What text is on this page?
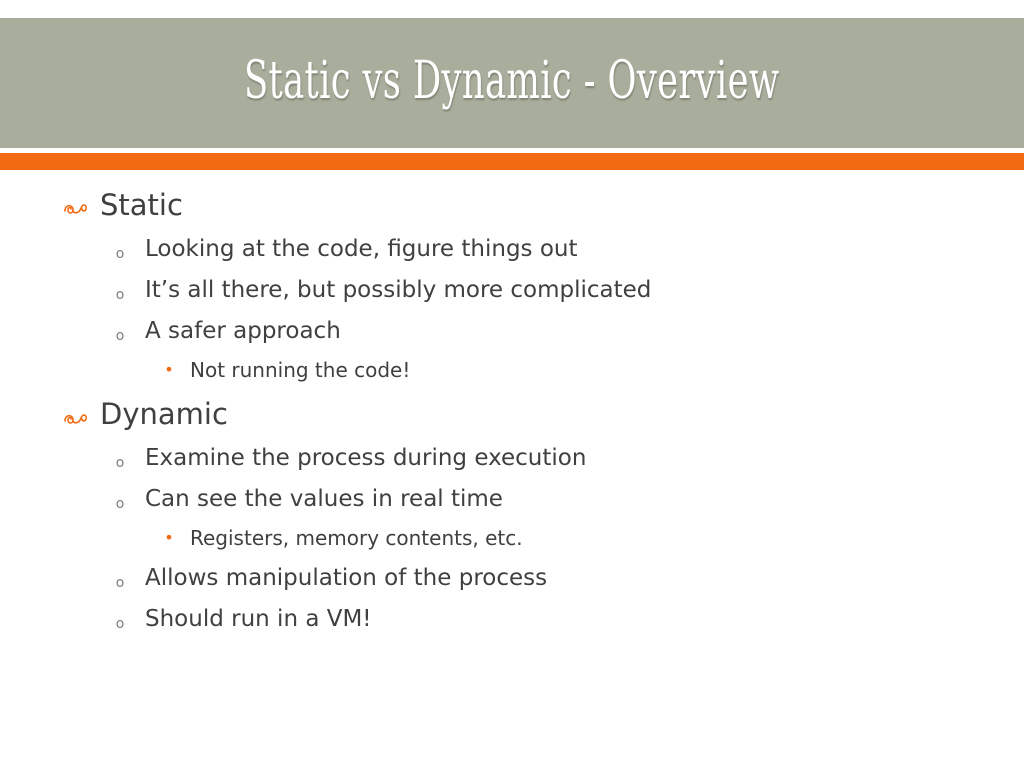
Static vs Dynamic - Overview
Static
o Looking at the code, figure things out
o It’s all there, but possibly more complicated
o A safer approach
• Not running the code!
Dynamic
o Examine the process during execution
o Can see the values in real time
• Registers, memory contents, etc.
o Allows manipulation of the process
o Should run in a VM!
